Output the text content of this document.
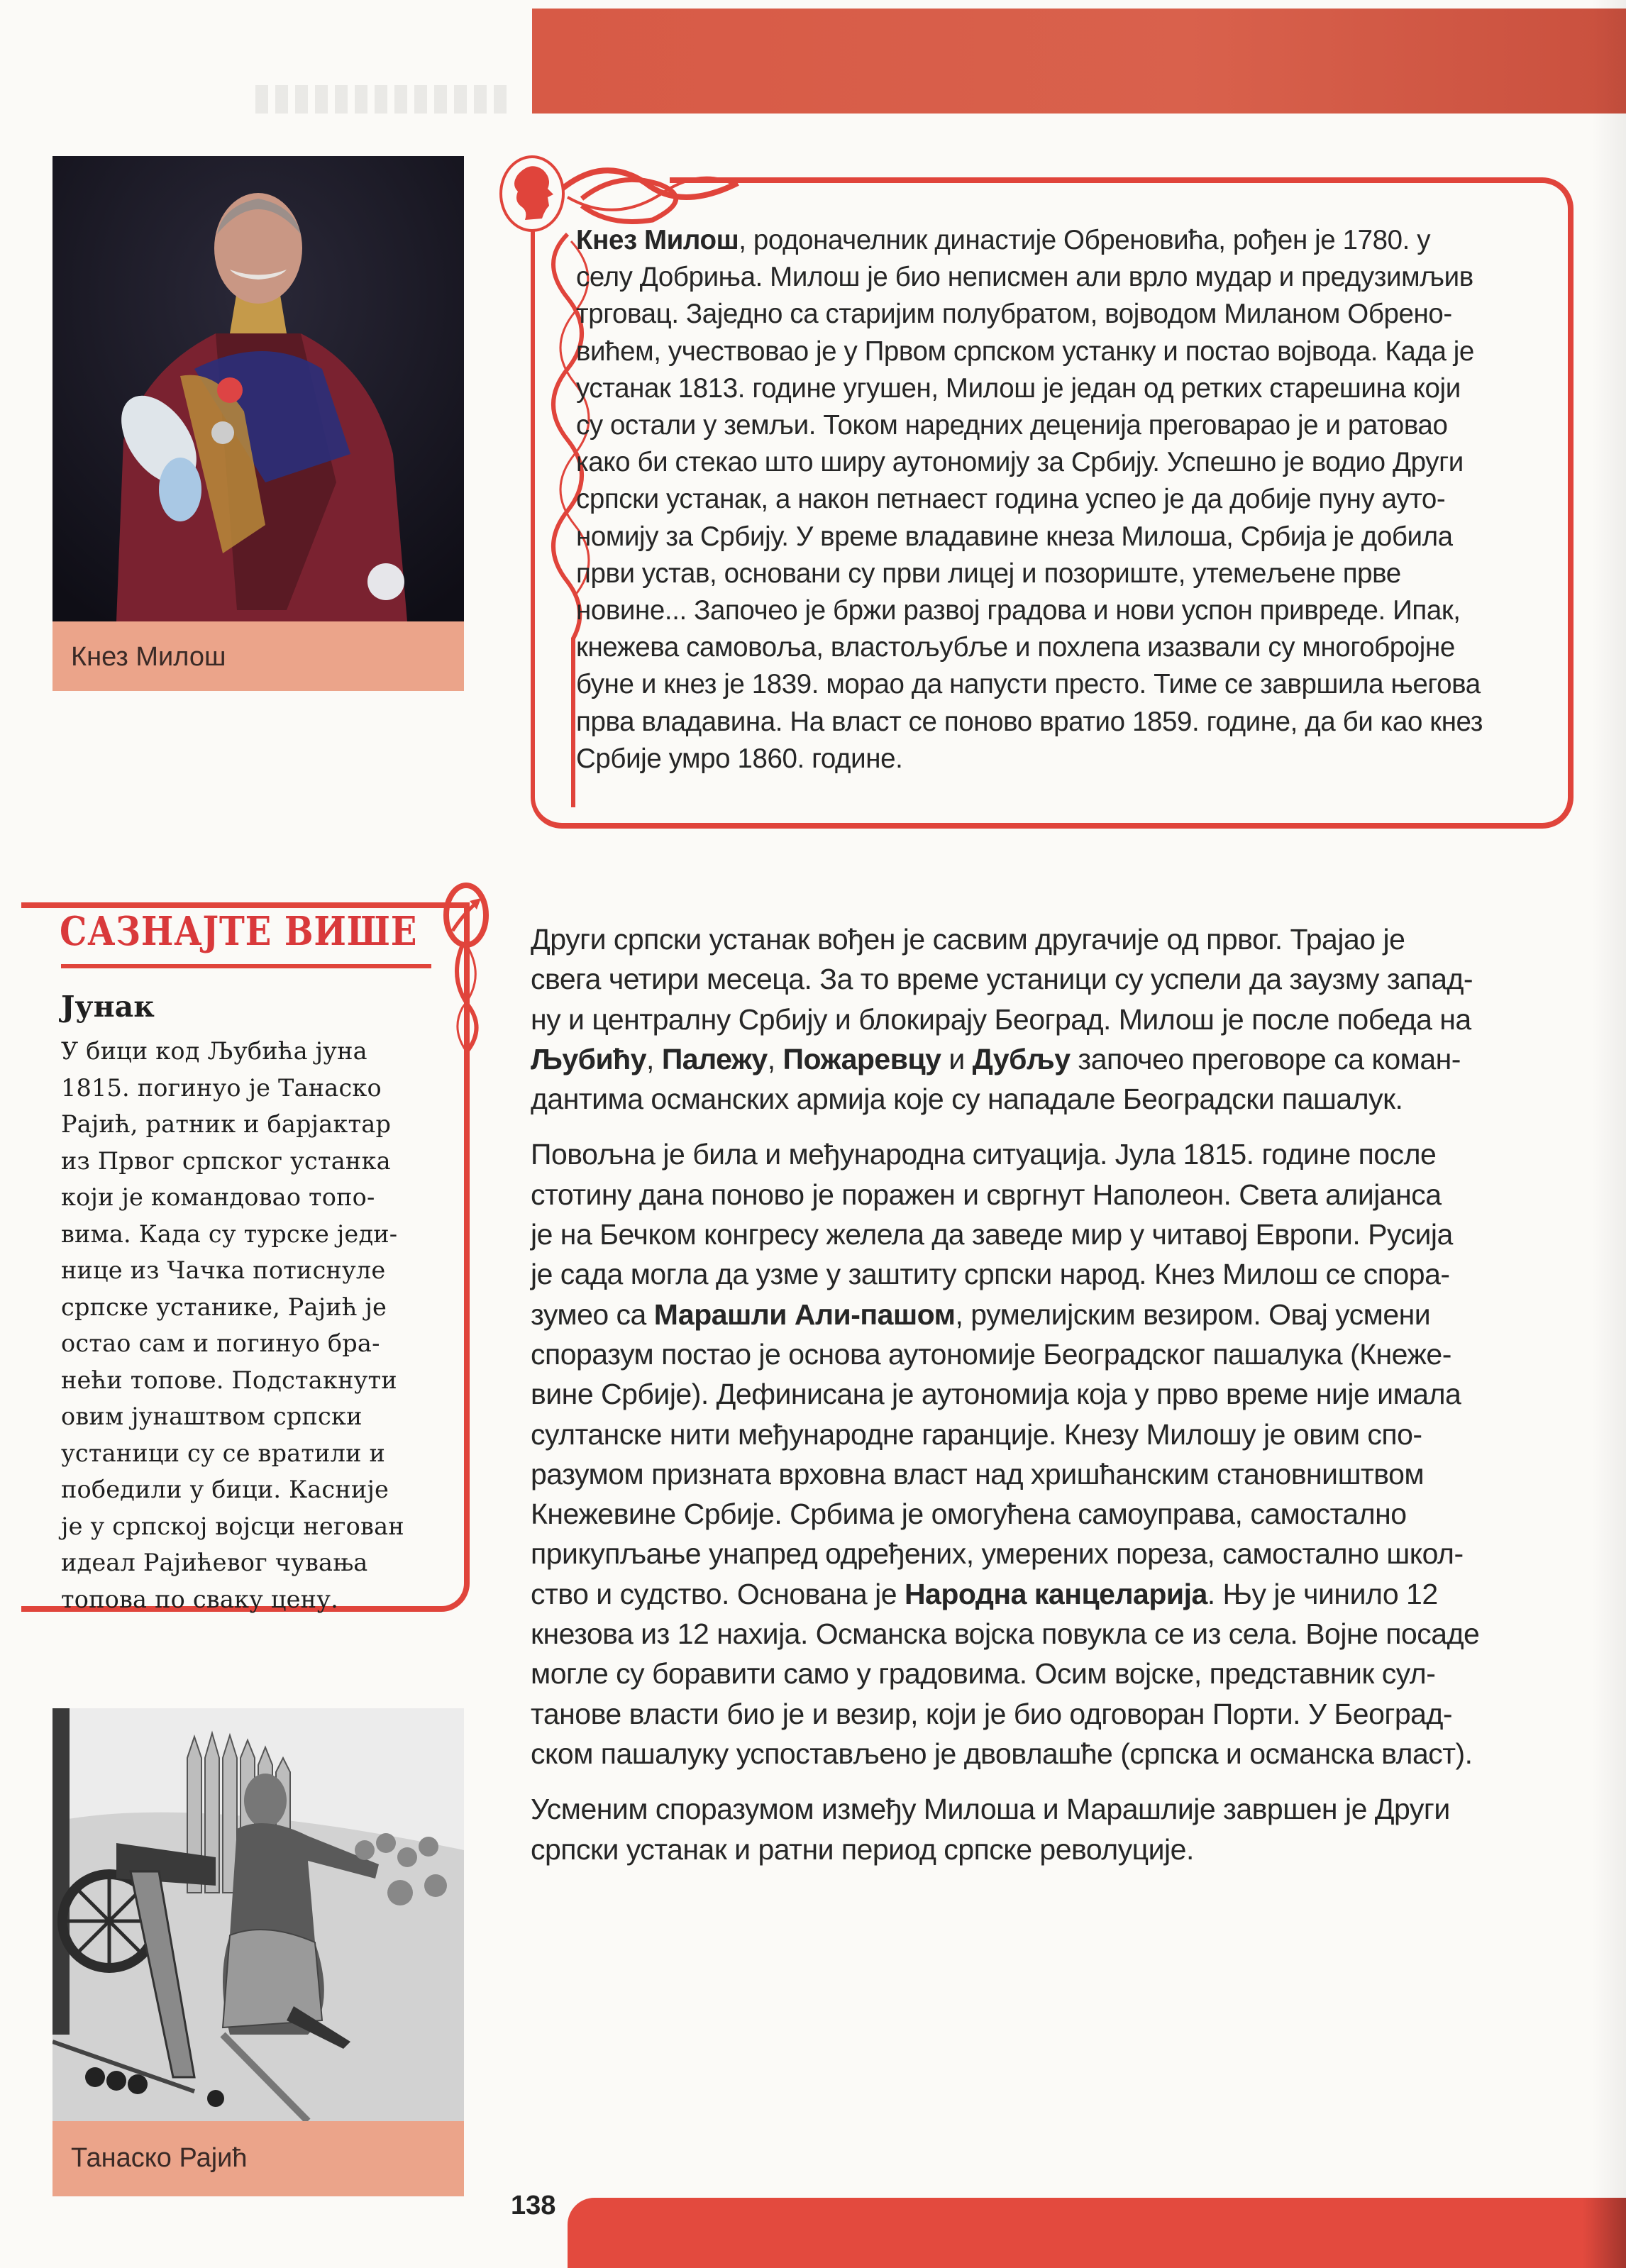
Кнез Милош
Кнез Милош, родоначелник династије Обреновића, рођен је 1780. у
селу Добриња. Милош је био неписмен али врло мудар и предузимљив
трговац. Заједно са старијим полубратом, војводом Миланом Обрено-
вићем, учествовао је у Првом српском устанку и постао војвода. Када је
устанак 1813. године угушен, Милош је један од ретких старешина који
су остали у земљи. Током наредних деценија преговарао је и ратовао
како би стекао што ширу аутономију за Србију. Успешно је водио Други
српски устанак, а након петнаест година успео је да добије пуну ауто-
номију за Србију. У време владавине кнеза Милоша, Србија је добила
први устав, основани су први лицеј и позориште, утемељене прве
новине... Започео је бржи развој градова и нови успон привреде. Ипак,
кнежева самовоља, властољубље и похлепа изазвали су многобројне
буне и кнез је 1839. морао да напусти престо. Тиме се завршила његова
прва владавина. На власт се поново вратио 1859. године, да би као кнез
Србије умро 1860. године.
САЗНАЈТЕ ВИШЕ
Јунак
У бици код Љубића јуна
1815. погинуо је Танаско
Рајић, ратник и барјактар
из Првог српског устанка
који је командовао топо-
вима. Када су турске једи-
нице из Чачка потиснуле
српске устанике, Рајић је
остао сам и погинуо бра-
нећи топове. Подстакнути
овим јунаштвом српски
устаници су се вратили и
победили у бици. Касније
је у српској војсци негован
идеал Рајићевог чувања
топова по сваку цену.
Други српски устанак вођен је сасвим другачије од првог. Трајао је
свега четири месеца. За то време устаници су успели да заузму запад-
ну и централну Србију и блокирају Београд. Милош је после победа на
Љубићу, Палежу, Пожаревцу и Дубљу започео преговоре са коман-
дантима османских армија које су нападале Београдски пашалук.
Повољна је била и међународна ситуација. Јула 1815. године после
стотину дана поново је поражен и свргнут Наполеон. Света алијанса
је на Бечком конгресу желела да заведе мир у читавој Европи. Русија
је сада могла да узме у заштиту српски народ. Кнез Милош се спора-
зумео са Марашли Али-пашом, румелијским везиром. Овај усмени
споразум постао је основа аутономије Београдског пашалука (Кнеже-
вине Србије). Дефинисана је аутономија која у прво време није имала
султанске нити међународне гаранције. Кнезу Милошу је овим спо-
разумом призната врховна власт над хришћанским становништвом
Кнежевине Србије. Србима је омогућена самоуправа, самостално
прикупљање унапред одређених, умерених пореза, самостално школ-
ство и судство. Основана је Народна канцеларија. Њу је чинило 12
кнезова из 12 нахија. Османска војска повукла се из села. Војне посаде
могле су боравити само у градовима. Осим војске, представник сул-
танове власти био је и везир, који је био одговоран Порти. У Београд-
ском пашалуку успостављено је двовлашће (српска и османска власт).
Усменим споразумом између Милоша и Марашлије завршен је Други
српски устанак и ратни период српске револуције.
Танаско Рајић
138
